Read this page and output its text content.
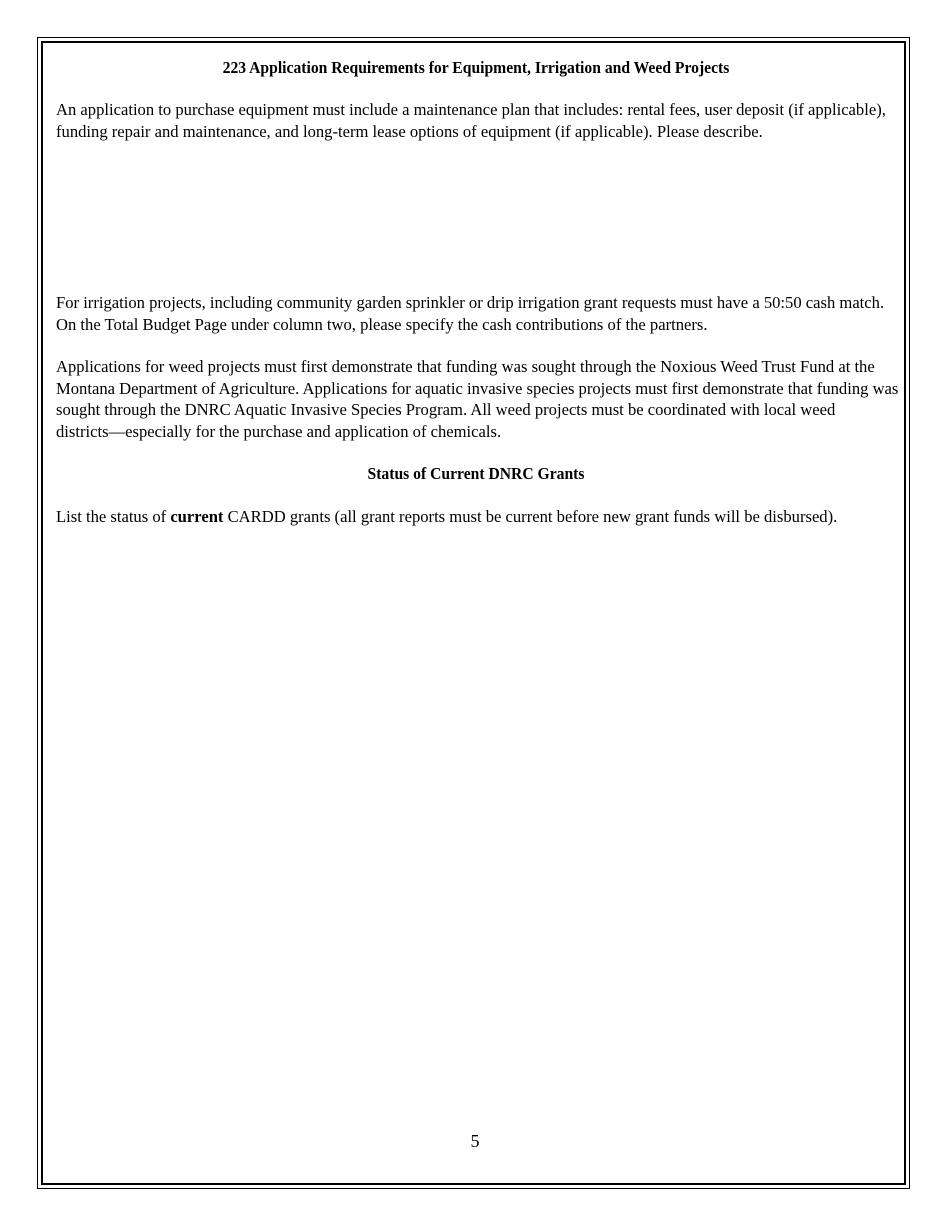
223 Application Requirements for Equipment, Irrigation and Weed Projects
An application to purchase equipment must include a maintenance plan that includes: rental fees, user deposit (if applicable),
funding repair and maintenance, and long-term lease options of equipment (if applicable). Please describe.
For irrigation projects, including community garden sprinkler or drip irrigation grant requests must have a 50:50 cash match.
On the Total Budget Page under column two, please specify the cash contributions of the partners.
Applications for weed projects must first demonstrate that funding was sought through the Noxious Weed Trust Fund at the
Montana Department of Agriculture. Applications for aquatic invasive species projects must first demonstrate that funding was
sought through the DNRC Aquatic Invasive Species Program. All weed projects must be coordinated with local weed
districts—especially for the purchase and application of chemicals.
Status of Current DNRC Grants
List the status of current CARDD grants (all grant reports must be current before new grant funds will be disbursed).
5
